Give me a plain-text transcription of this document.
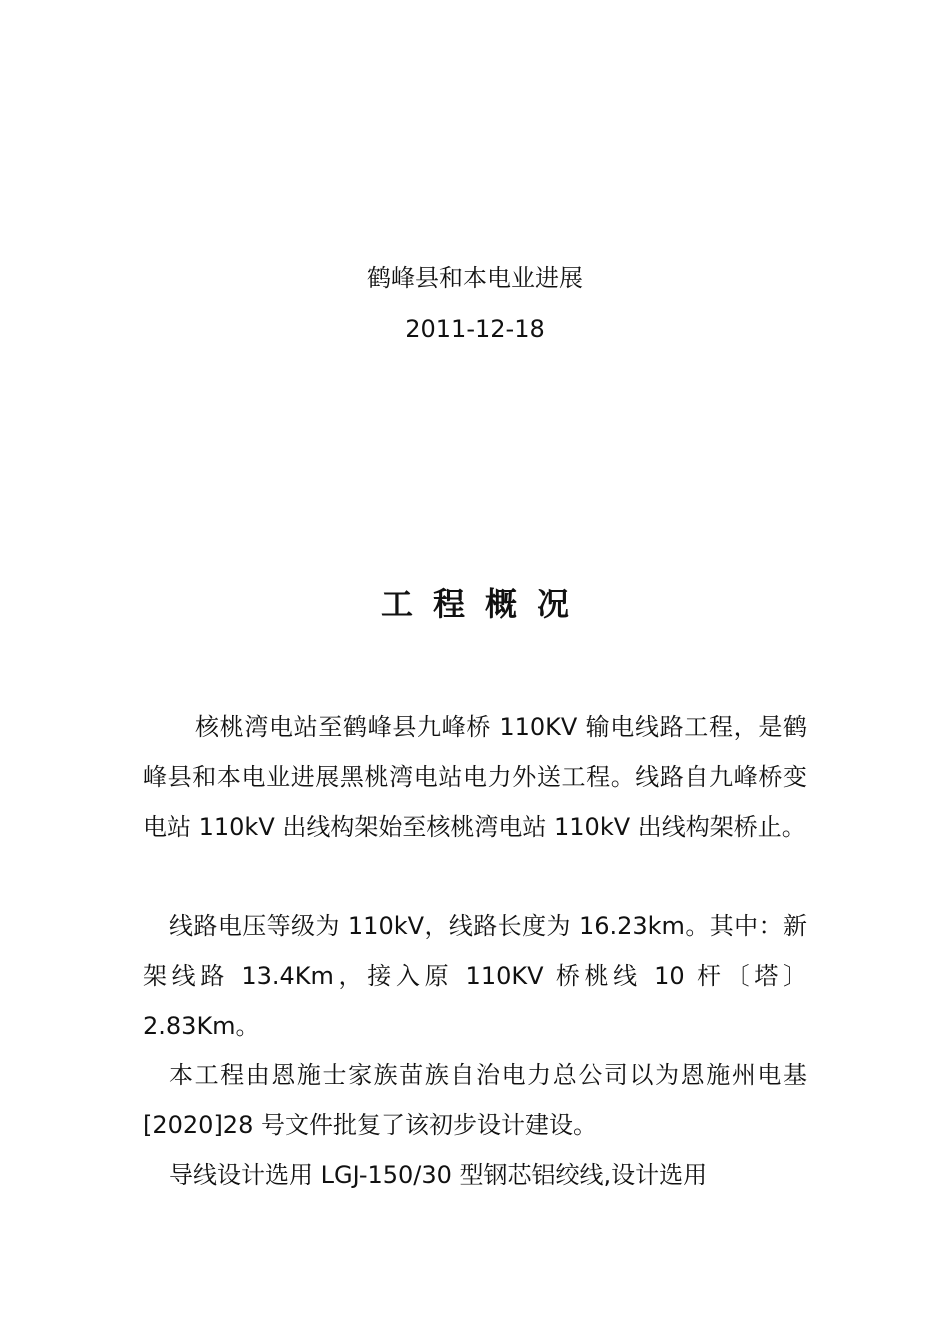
鹤峰县和本电业进展
2011-12-18
工程概况

核桃湾电站至鹤峰县九峰桥 110KV 输电线路工程，是鹤峰县和本电业进展黑桃湾电站电力外送工程。线路自九峰桥变电站 110kV 出线构架始至核桃湾电站 110kV 出线构架桥止。

线路电压等级为 110kV，线路长度为 16.23km。其中：新架线路 13.4Km，接入原 110KV 桥桃线 10 杆〔塔〕2.83Km。

本工程由恩施士家族苗族自治电力总公司以为恩施州电基 [2020]28 号文件批复了该初步设计建设。

导线设计选用 LGJ-150/30 型钢芯铝绞线,设计选用
